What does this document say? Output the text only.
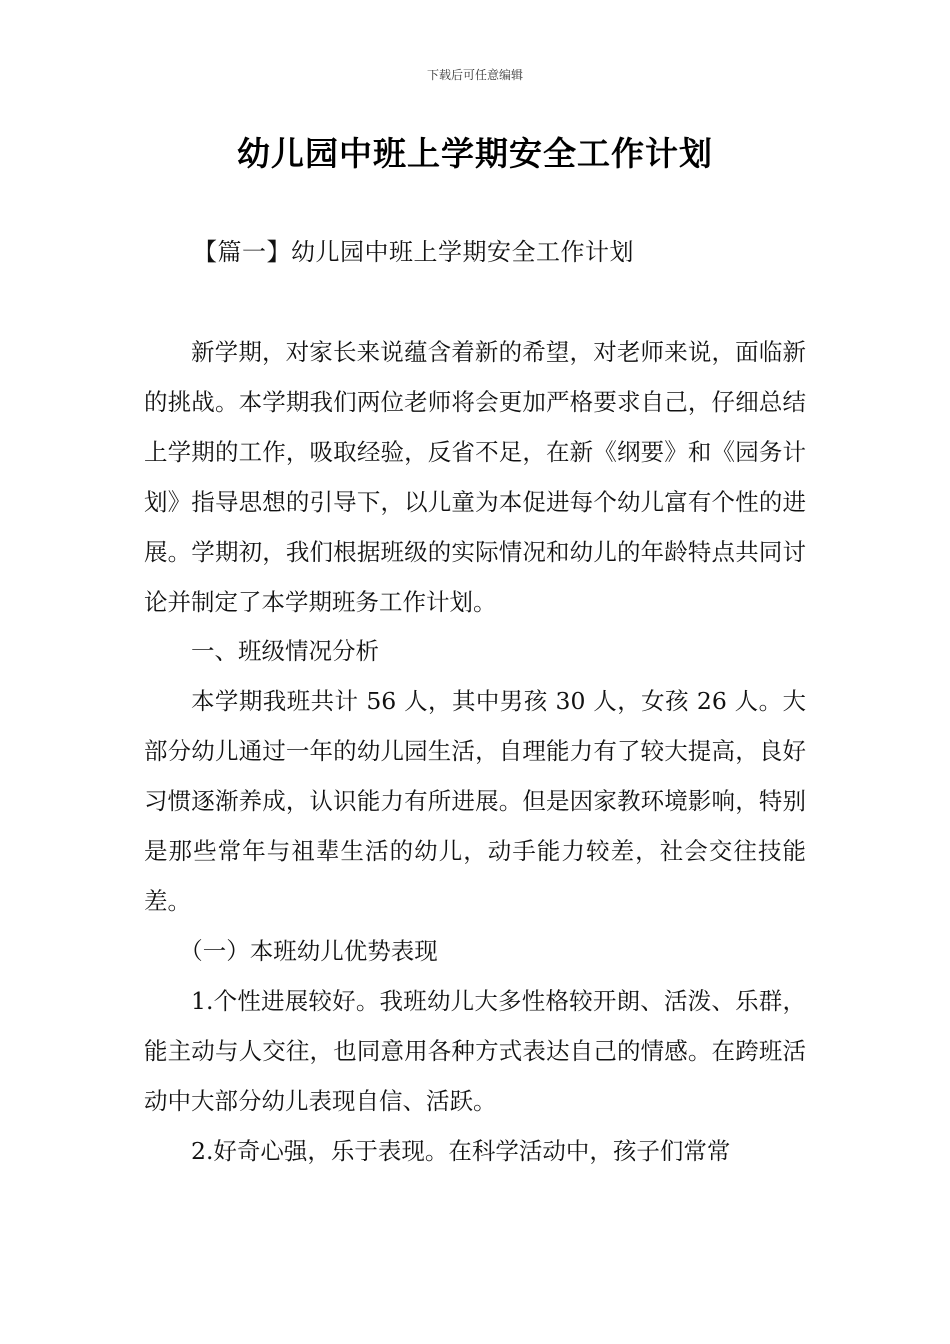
下载后可任意编辑
幼儿园中班上学期安全工作计划
【篇一】幼儿园中班上学期安全工作计划

新学期，对家长来说蕴含着新的希望，对老师来说，面临新的挑战。本学期我们两位老师将会更加严格要求自己，仔细总结上学期的工作，吸取经验，反省不足，在新《纲要》和《园务计划》指导思想的引导下，以儿童为本促进每个幼儿富有个性的进展。学期初，我们根据班级的实际情况和幼儿的年龄特点共同讨论并制定了本学期班务工作计划。

一、班级情况分析

本学期我班共计 56 人，其中男孩 30 人，女孩 26 人。大部分幼儿通过一年的幼儿园生活，自理能力有了较大提高，良好习惯逐渐养成，认识能力有所进展。但是因家教环境影响，特别是那些常年与祖辈生活的幼儿，动手能力较差，社会交往技能差。

（一）本班幼儿优势表现

1.个性进展较好。我班幼儿大多性格较开朗、活泼、乐群，能主动与人交往，也同意用各种方式表达自己的情感。在跨班活动中大部分幼儿表现自信、活跃。

2.好奇心强，乐于表现。在科学活动中，孩子们常常
